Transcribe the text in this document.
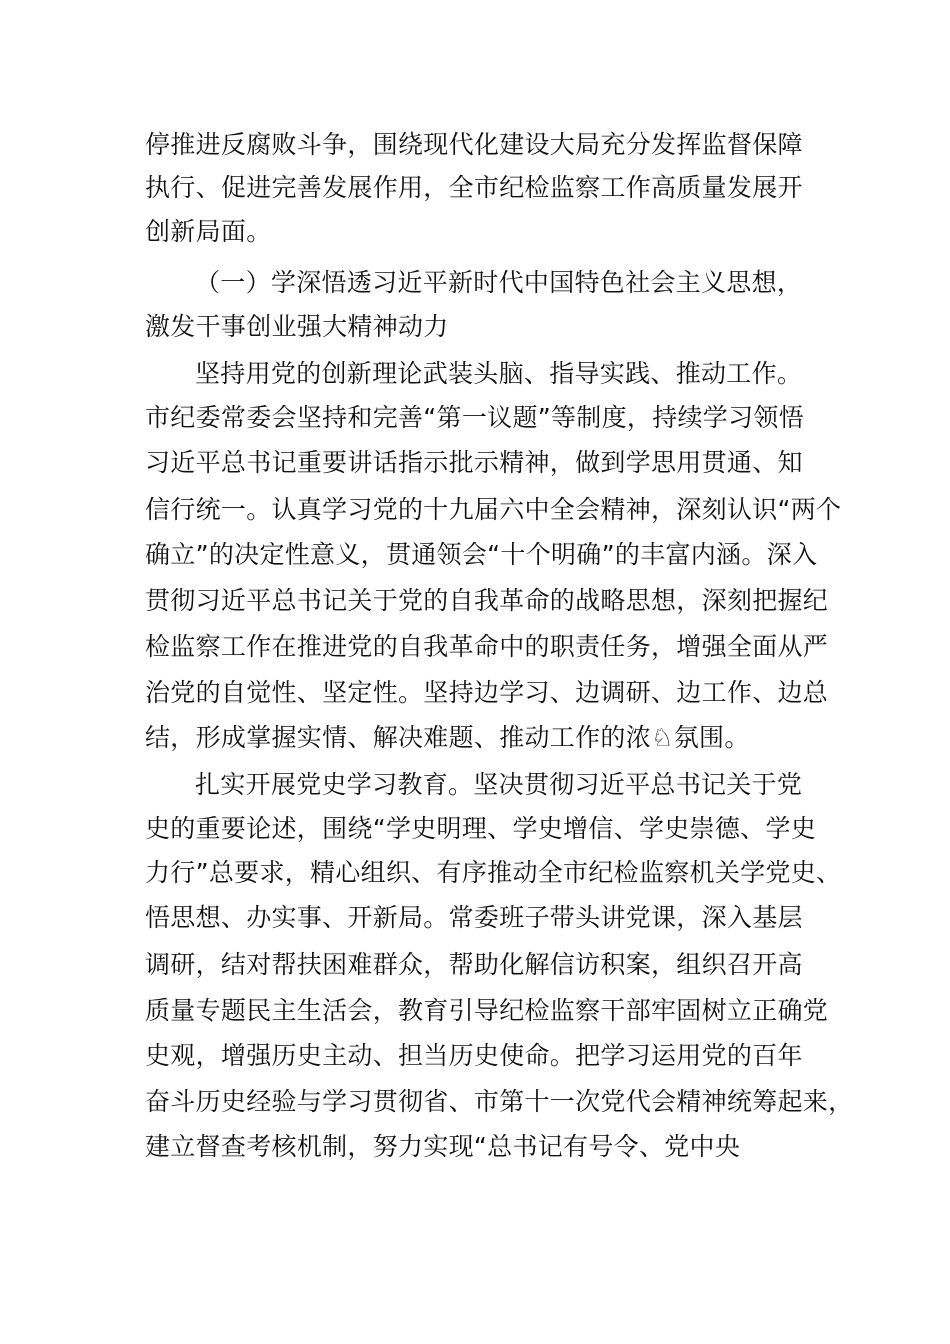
停推进反腐败斗争，围绕现代化建设大局充分发挥监督保障
执行、促进完善发展作用，全市纪检监察工作高质量发展开
创新局面。
（一）学深悟透习近平新时代中国特色社会主义思想，
激发干事创业强大精神动力
坚持用党的创新理论武装头脑、指导实践、推动工作。
市纪委常委会坚持和完善“第一议题”等制度，持续学习领悟
习近平总书记重要讲话指示批示精神，做到学思用贯通、知
信行统一。认真学习党的十九届六中全会精神，深刻认识“两个
确立”的决定性意义，贯通领会“十个明确”的丰富内涵。深入
贯彻习近平总书记关于党的自我革命的战略思想，深刻把握纪
检监察工作在推进党的自我革命中的职责任务，增强全面从严
治党的自觉性、坚定性。坚持边学习、边调研、边工作、边总
结，形成掌握实情、解决难题、推动工作的浓♘氛围。
扎实开展党史学习教育。坚决贯彻习近平总书记关于党
史的重要论述，围绕“学史明理、学史增信、学史崇德、学史
力行”总要求，精心组织、有序推动全市纪检监察机关学党史、
悟思想、办实事、开新局。常委班子带头讲党课，深入基层
调研，结对帮扶困难群众，帮助化解信访积案，组织召开高
质量专题民主生活会，教育引导纪检监察干部牢固树立正确党
史观，增强历史主动、担当历史使命。把学习运用党的百年
奋斗历史经验与学习贯彻省、市第十一次党代会精神统筹起来，
建立督查考核机制，努力实现“总书记有号令、党中央
